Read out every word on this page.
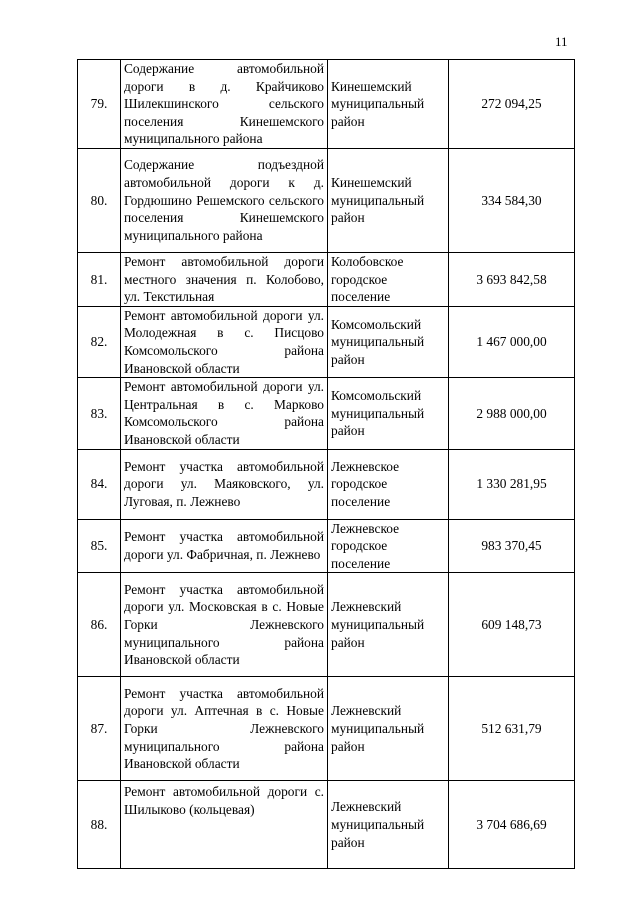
11
79.	Содержание автомобильной дороги в д. Крайчиково Шилекшинского сельского поселения Кинешемского муниципального района	Кинешемский муниципальный район	272 094,25
80.	Содержание подъездной автомобильной дороги к д. Гордюшино Решемского сельского поселения Кинешемского муниципального района	Кинешемский муниципальный район	334 584,30
81.	Ремонт автомобильной дороги местного значения п. Колобово, ул. Текстильная	Колобовское городское поселение	3 693 842,58
82.	Ремонт автомобильной дороги ул. Молодежная в с. Писцово Комсомольского района Ивановской области	Комсомольский муниципальный район	1 467 000,00
83.	Ремонт автомобильной дороги ул. Центральная в с. Марково Комсомольского района Ивановской области	Комсомольский муниципальный район	2 988 000,00
84.	Ремонт участка автомобильной дороги ул. Маяковского, ул. Луговая, п. Лежнево	Лежневское городское поселение	1 330 281,95
85.	Ремонт участка автомобильной дороги ул. Фабричная, п. Лежнево	Лежневское городское поселение	983 370,45
86.	Ремонт участка автомобильной дороги ул. Московская в с. Новые Горки Лежневского муниципального района Ивановской области	Лежневский муниципальный район	609 148,73
87.	Ремонт участка автомобильной дороги ул. Аптечная в с. Новые Горки Лежневского муниципального района Ивановской области	Лежневский муниципальный район	512 631,79
88.	Ремонт автомобильной дороги с. Шилыково (кольцевая)	Лежневский муниципальный район	3 704 686,69
